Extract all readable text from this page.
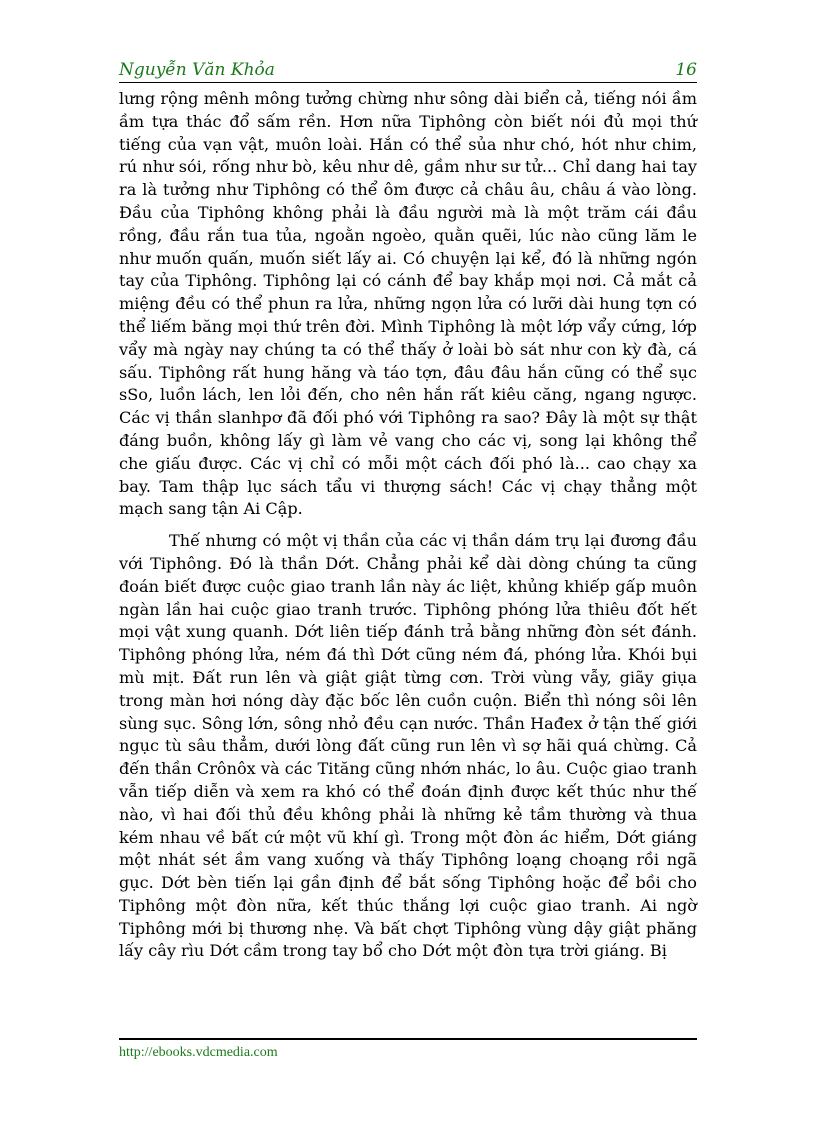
Nguyễn Văn Khỏa	16

lưng rộng mênh mông tưởng chừng như sông dài biển cả, tiếng nói ầm ầm tựa thác đổ sấm rền. Hơn nữa Tiphông còn biết nói đủ mọi thứ tiếng của vạn vật, muôn loài. Hắn có thể sủa như chó, hót như chim, rú như sói, rống như bò, kêu như dê, gầm như sư tử... Chỉ dang hai tay ra là tưởng như Tiphông có thể ôm được cả châu âu, châu á vào lòng. Đầu của Tiphông không phải là đầu người mà là một trăm cái đầu rồng, đầu rắn tua tủa, ngoằn ngoèo, quằn quẽi, lúc nào cũng lăm le như muốn quấn, muốn siết lấy ai. Có chuyện lại kể, đó là những ngón tay của Tiphông. Tiphông lại có cánh để bay khắp mọi nơi. Cả mắt cả miệng đều có thể phun ra lửa, những ngọn lửa có lưỡi dài hung tợn có thể liếm băng mọi thứ trên đời. Mình Tiphông là một lớp vẩy cứng, lớp vẩy mà ngày nay chúng ta có thể thấy ở loài bò sát như con kỳ đà, cá sấu. Tiphông rất hung hăng và táo tợn, đâu đâu hắn cũng có thể sục sSo, luồn lách, len lỏi đến, cho nên hắn rất kiêu căng, ngang ngược. Các vị thần slanhpơ đã đối phó với Tiphông ra sao? Đây là một sự thật đáng buồn, không lấy gì làm vẻ vang cho các vị, song lại không thể che giấu được. Các vị chỉ có mỗi một cách đối phó là... cao chạy xa bay. Tam thập lục sách tẩu vi thượng sách! Các vị chạy thẳng một mạch sang tận Ai Cập.

Thế nhưng có một vị thần của các vị thần dám trụ lại đương đầu với Tiphông. Đó là thần Dớt. Chẳng phải kể dài dòng chúng ta cũng đoán biết được cuộc giao tranh lần này ác liệt, khủng khiếp gấp muôn ngàn lần hai cuộc giao tranh trước. Tiphông phóng lửa thiêu đốt hết mọi vật xung quanh. Dớt liên tiếp đánh trả bằng những đòn sét đánh. Tiphông phóng lửa, ném đá thì Dớt cũng ném đá, phóng lửa. Khói bụi mù mịt. Đất run lên và giật giật từng cơn. Trời vùng vẫy, giãy giụa trong màn hơi nóng dày đặc bốc lên cuồn cuộn. Biển thì nóng sôi lên sùng sục. Sông lớn, sông nhỏ đều cạn nước. Thần Hađex ở tận thế giới ngục tù sâu thẳm, dưới lòng đất cũng run lên vì sợ hãi quá chừng. Cả đến thần Crônôx và các Tităng cũng nhớn nhác, lo âu. Cuộc giao tranh vẫn tiếp diễn và xem ra khó có thể đoán định được kết thúc như thế nào, vì hai đối thủ đều không phải là những kẻ tầm thường và thua kém nhau về bất cứ một vũ khí gì. Trong một đòn ác hiểm, Dớt giáng một nhát sét ầm vang xuống và thấy Tiphông loạng choạng rồi ngã gục. Dớt bèn tiến lại gần định để bắt sống Tiphông hoặc để bồi cho Tiphông một đòn nữa, kết thúc thắng lợi cuộc giao tranh. Ai ngờ Tiphông mới bị thương nhẹ. Và bất chợt Tiphông vùng dậy giật phăng lấy cây rìu Dớt cầm trong tay bổ cho Dớt một đòn tựa trời giáng. Bị

http://ebooks.vdcmedia.com
